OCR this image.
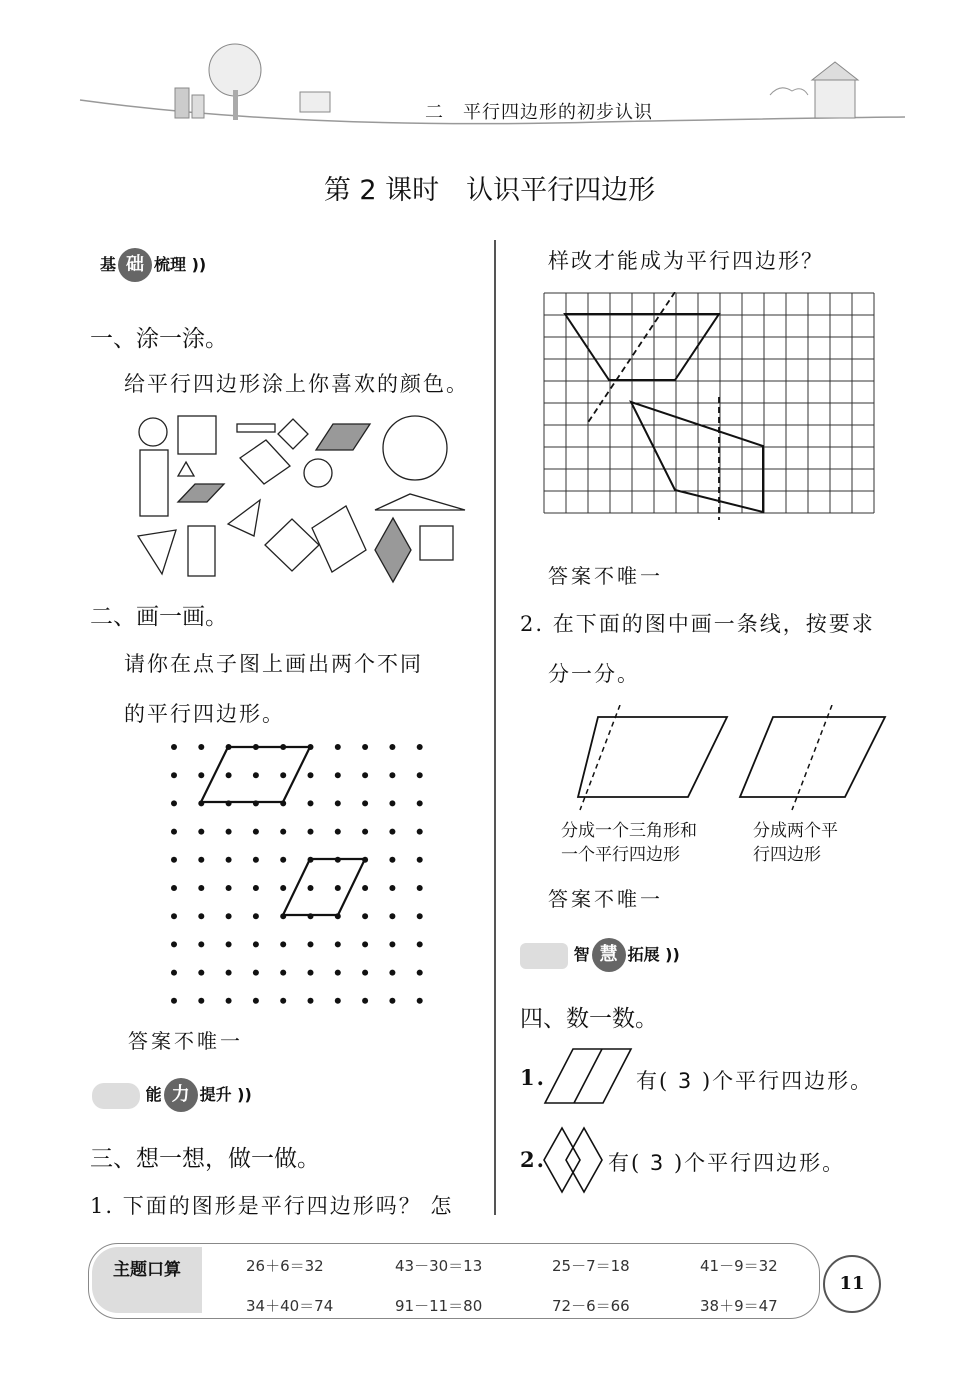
二　平行四边形的初步认识
第 2 课时　认识平行四边形
基 础 梳理 ))
一、涂一涂。
给平行四边形涂上你喜欢的颜色。
二、画一画。
请你在点子图上画出两个不同
的平行四边形。
答案不唯一
能 力 提升 ))
三、想一想，做一做。
1. 下面的图形是平行四边形吗？ 怎
样改才能成为平行四边形？
答案不唯一
2. 在下面的图中画一条线，按要求
分一分。
分成一个三角形和
一个平行四边形
分成两个平
行四边形
答案不唯一
智 慧 拓展 ))
四、数一数。
1.	有( 3 )个平行四边形。
2.	有( 3 )个平行四边形。
主题口算	26＋6＝32	43－30＝13	25－7＝18	41－9＝32
34＋40＝74	91－11＝80	72－6＝66	38＋9＝47
11
